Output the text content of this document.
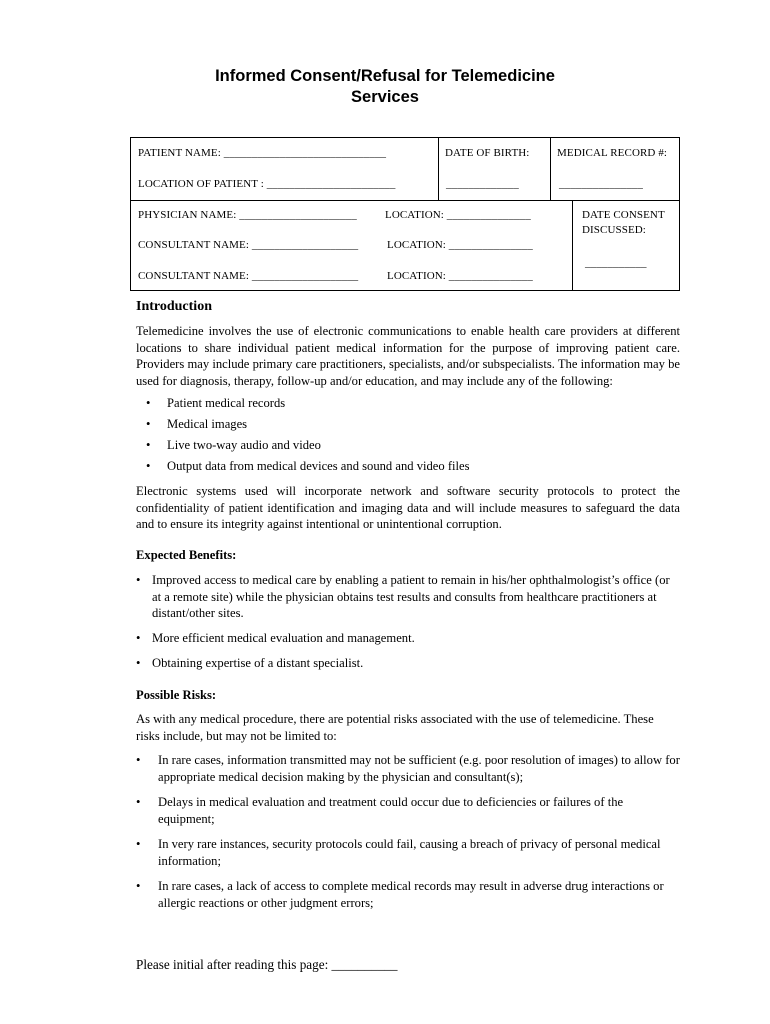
Informed Consent/Refusal for Telemedicine
Services
PATIENT NAME: _____________________________	DATE OF BIRTH:	MEDICAL RECORD #:
LOCATION OF PATIENT : _______________________	_____________	_______________
PHYSICIAN NAME: _____________________	LOCATION: _______________	DATE CONSENT
DISCUSSED:
CONSULTANT NAME: ___________________	LOCATION: _______________
___________
CONSULTANT NAME: ___________________	LOCATION: _______________
Introduction

Telemedicine involves the use of electronic communications to enable health care providers at different locations to share individual patient medical information for the purpose of improving patient care. Providers may include primary care practitioners, specialists, and/or subspecialists. The information may be used for diagnosis, therapy, follow-up and/or education, and may include any of the following:

•	Patient medical records
•	Medical images
•	Live two-way audio and video
•	Output data from medical devices and sound and video files

Electronic systems used will incorporate network and software security protocols to protect the confidentiality of patient identification and imaging data and will include measures to safeguard the data and to ensure its integrity against intentional or unintentional corruption.

Expected Benefits:
• Improved access to medical care by enabling a patient to remain in his/her ophthalmologist’s office (or at a remote site) while the physician obtains test results and consults from healthcare practitioners at distant/other sites.
• More efficient medical evaluation and management.
• Obtaining expertise of a distant specialist.
Possible Risks:

As with any medical procedure, there are potential risks associated with the use of telemedicine. These risks include, but may not be limited to:

•	In rare cases, information transmitted may not be sufficient (e.g. poor resolution of images) to allow for appropriate medical decision making by the physician and consultant(s);
•	Delays in medical evaluation and treatment could occur due to deficiencies or failures of the equipment;
•	In very rare instances, security protocols could fail, causing a breach of privacy of personal medical information;
•	In rare cases, a lack of access to complete medical records may result in adverse drug interactions or allergic reactions or other judgment errors;
Please initial after reading this page: __________
